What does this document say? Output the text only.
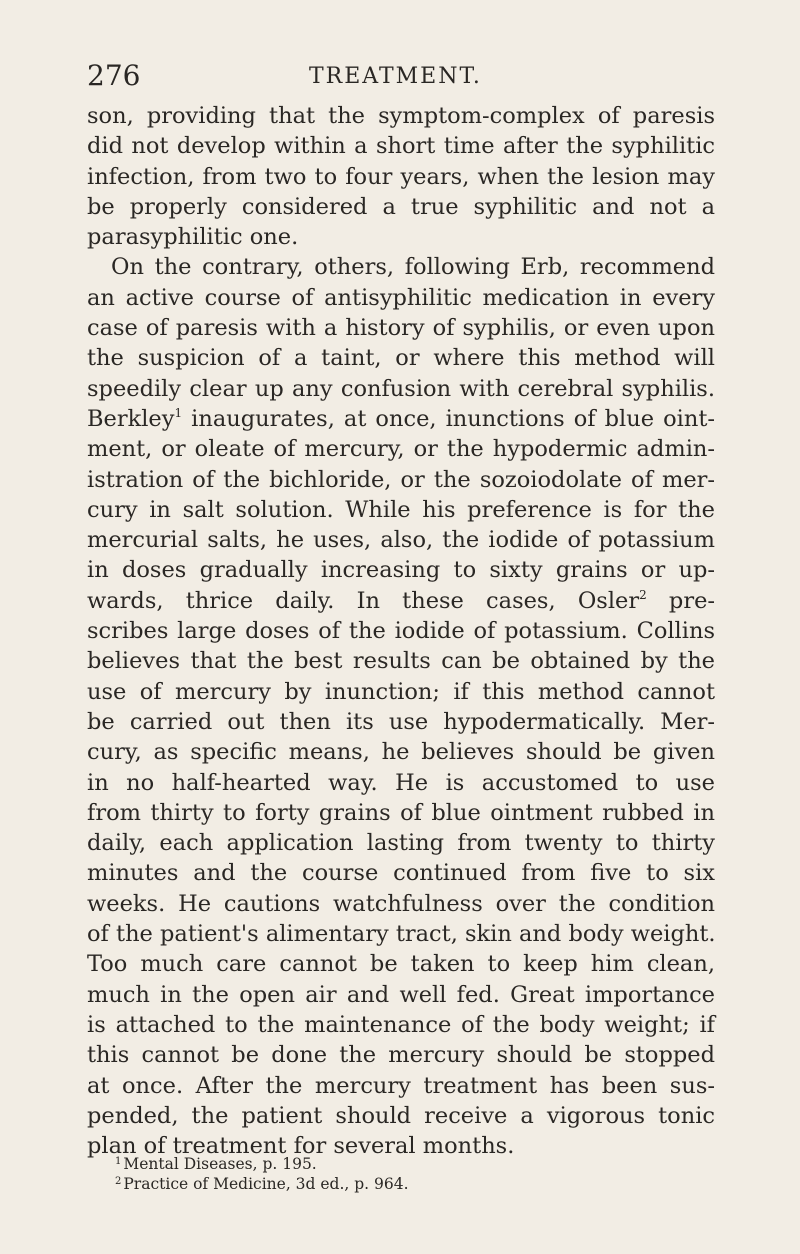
276	TREATMENT.
son, providing that the symptom-complex of paresis
did not develop within a short time after the syphilitic
infection, from two to four years, when the lesion may
be properly considered a true syphilitic and not a
parasyphilitic one.
On the contrary, others, following Erb, recommend
an active course of antisyphilitic medication in every
case of paresis with a history of syphilis, or even upon
the suspicion of a taint, or where this method will
speedily clear up any confusion with cerebral syphilis.
Berkley$^1$ inaugurates, at once, inunctions of blue oint-
ment, or oleate of mercury, or the hypodermic admin-
istration of the bichloride, or the sozoiodolate of mer-
cury in salt solution. While his preference is for the
mercurial salts, he uses, also, the iodide of potassium
in doses gradually increasing to sixty grains or up-
wards, thrice daily. In these cases, Osler$^2$ pre-
scribes large doses of the iodide of potassium. Collins
believes that the best results can be obtained by the
use of mercury by inunction; if this method cannot
be carried out then its use hypodermatically. Mer-
cury, as specific means, he believes should be given
in no half-hearted way. He is accustomed to use
from thirty to forty grains of blue ointment rubbed in
daily, each application lasting from twenty to thirty
minutes and the course continued from five to six
weeks. He cautions watchfulness over the condition
of the patient's alimentary tract, skin and body weight.
Too much care cannot be taken to keep him clean,
much in the open air and well fed. Great importance
is attached to the maintenance of the body weight; if
this cannot be done the mercury should be stopped
at once. After the mercury treatment has been sus-
pended, the patient should receive a vigorous tonic
plan of treatment for several months.
$^1$ Mental Diseases, p. 195.
$^2$ Practice of Medicine, 3d ed., p. 964.
